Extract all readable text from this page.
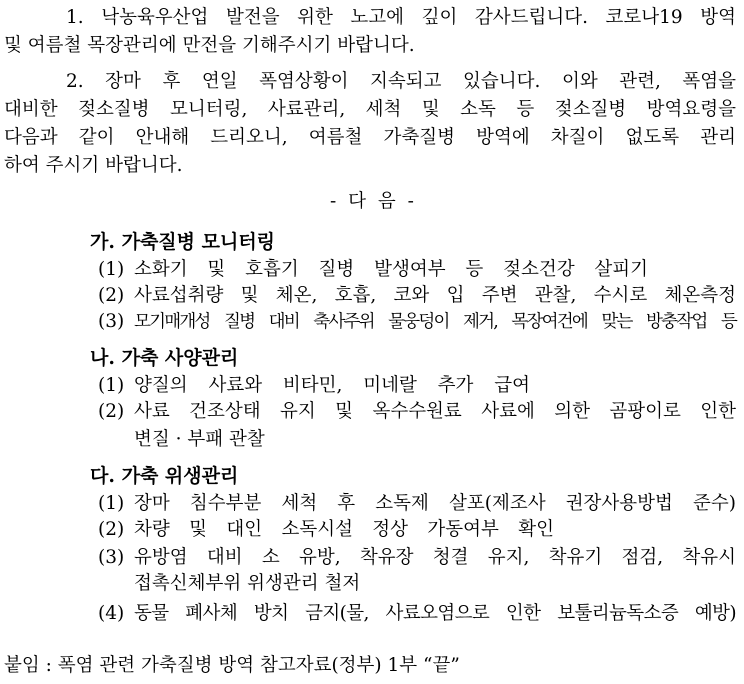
1. 낙농육우산업 발전을 위한 노고에 깊이 감사드립니다. 코로나19 방역
및 여름철 목장관리에 만전을 기해주시기 바랍니다.
2. 장마 후 연일 폭염상황이 지속되고 있습니다. 이와 관련, 폭염을
대비한 젖소질병 모니터링, 사료관리, 세척 및 소독 등 젖소질병 방역요령을
다음과 같이 안내해 드리오니, 여름철 가축질병 방역에 차질이 없도록 관리
하여 주시기 바랍니다.
- 다 음 -
가. 가축질병 모니터링
(1) 소화기 및 호흡기 질병 발생여부 등 젖소건강 살피기
(2) 사료섭취량 및 체온, 호흡, 코와 입 주변 관찰, 수시로 체온측정
(3) 모기매개성 질병 대비 축사주위 물웅덩이 제거, 목장여건에 맞는 방충작업 등
나. 가축 사양관리
(1) 양질의 사료와 비타민, 미네랄 추가 급여
(2) 사료 건조상태 유지 및 옥수수원료 사료에 의한 곰팡이로 인한
변질 · 부패 관찰
다. 가축 위생관리
(1) 장마 침수부분 세척 후 소독제 살포(제조사 권장사용방법 준수)
(2) 차량 및 대인 소독시설 정상 가동여부 확인
(3) 유방염 대비 소 유방, 착유장 청결 유지, 착유기 점검, 착유시
접촉신체부위 위생관리 철저
(4) 동물 폐사체 방치 금지(물, 사료오염으로 인한 보툴리늄독소증 예방)
붙임 : 폭염 관련 가축질병 방역 참고자료(정부) 1부 “끝”
